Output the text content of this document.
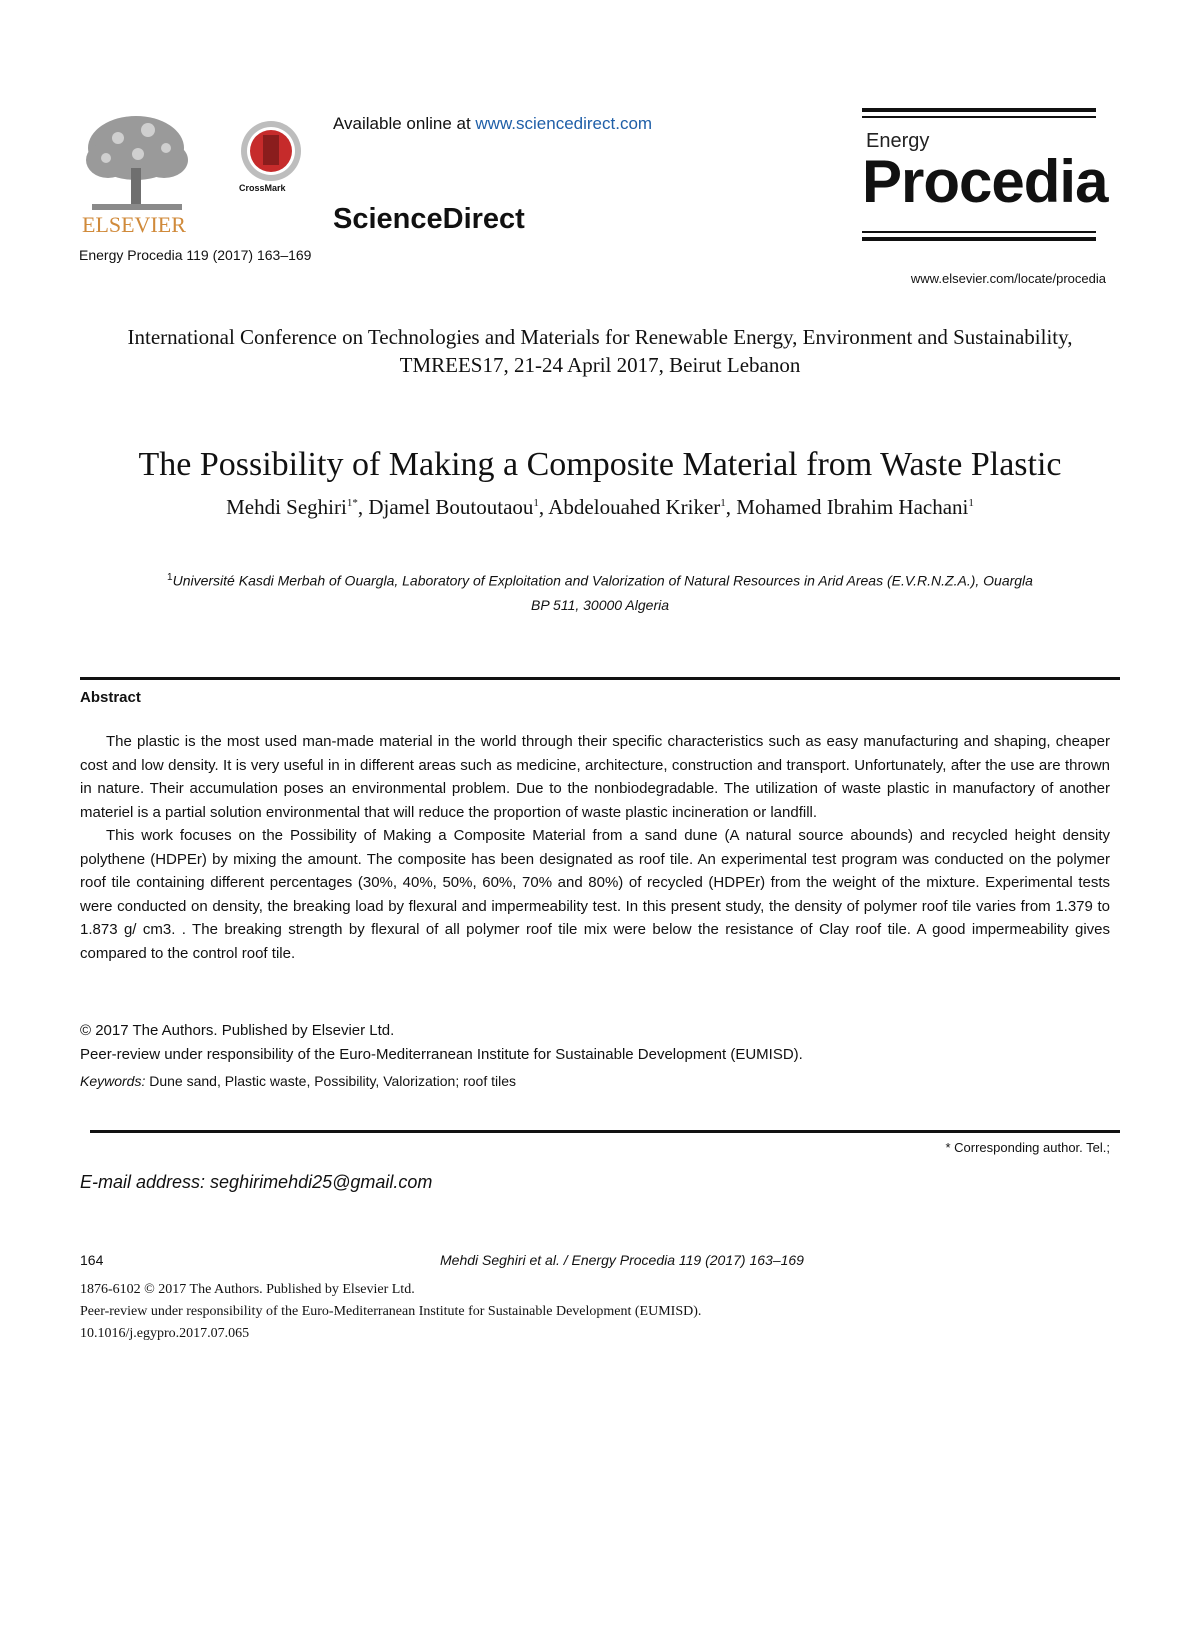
ELSEVIER
CrossMark
Available online at www.sciencedirect.com
ScienceDirect
Energy Procedia 119 (2017) 163–169
Energy
Procedia
www.elsevier.com/locate/procedia
International Conference on Technologies and Materials for Renewable Energy, Environment and Sustainability, TMREES17, 21-24 April 2017, Beirut Lebanon
The Possibility of Making a Composite Material from Waste Plastic
Mehdi Seghiri$^{1*}$, Djamel Boutoutaou$^1$, Abdelouahed Kriker$^1$, Mohamed Ibrahim Hachani$^1$
$^1$Université Kasdi Merbah of Ouargla, Laboratory of Exploitation and Valorization of Natural Resources in Arid Areas (E.V.R.N.Z.A.), Ouargla
BP 511, 30000 Algeria
Abstract

The plastic is the most used man-made material in the world through their specific characteristics such as easy manufacturing and shaping, cheaper cost and low density. It is very useful in in different areas such as medicine, architecture, construction and transport. Unfortunately, after the use are thrown in nature. Their accumulation poses an environmental problem. Due to the nonbiodegradable. The utilization of waste plastic in manufactory of another materiel is a partial solution environmental that will reduce the proportion of waste plastic incineration or landfill.

This work focuses on the Possibility of Making a Composite Material from a sand dune (A natural source abounds) and recycled height density polythene (HDPEr) by mixing the amount. The composite has been designated as roof tile. An experimental test program was conducted on the polymer roof tile containing different percentages (30%, 40%, 50%, 60%, 70% and 80%) of recycled (HDPEr) from the weight of the mixture. Experimental tests were conducted on density, the breaking load by flexural and impermeability test. In this present study, the density of polymer roof tile varies from 1.379 to 1.873 g/ cm3. . The breaking strength by flexural of all polymer roof tile mix were below the resistance of Clay roof tile. A good impermeability gives compared to the control roof tile.

© 2017 The Authors. Published by Elsevier Ltd.
Peer-review under responsibility of the Euro-Mediterranean Institute for Sustainable Development (EUMISD).
Keywords: Dune sand, Plastic waste, Possibility, Valorization; roof tiles
* Corresponding author. Tel.;
E-mail address: seghirimehdi25@gmail.com
164	Mehdi Seghiri et al. / Energy Procedia 119 (2017) 163–169
1876-6102 © 2017 The Authors. Published by Elsevier Ltd.
Peer-review under responsibility of the Euro-Mediterranean Institute for Sustainable Development (EUMISD).
10.1016/j.egypro.2017.07.065
